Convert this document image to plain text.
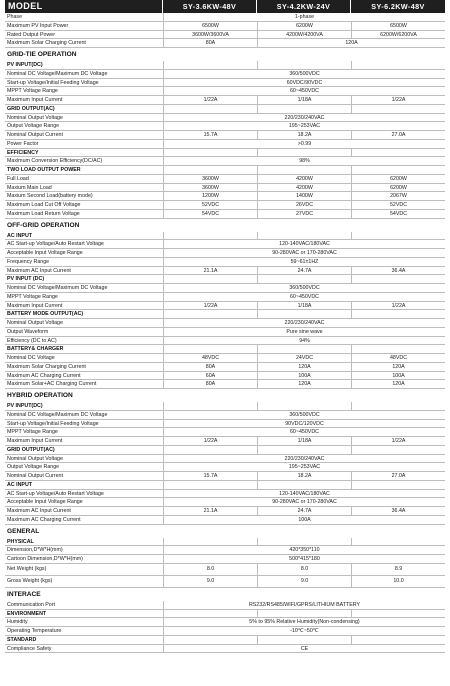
MODEL	SY-3.6KW-48V	SY-4.2KW-24V	SY-6.2KW-48V
Phase	1-phase
Maximum PV Input Power	6500W	6200W	6500W
Rated Output Power	3600W/3600VA	4200W/4200VA	6200W/6200VA
Maximum Solar Charging Current	80A	120A
GRID-TIE OPERATION
PV INPUT(DC)
Nominal DC Voltage/Maximum DC Voltage	360/500VDC
Start-up Voltage/Initial Feeding Voltage	60VDC/90VDC
MPPT Voltage Range	60~450VDC
Maximum Input Current	1/22A	1/18A	1/22A
GRID OUTPUT(AC)
Nominal Output Voltage	220/230/240VAC
Output Voltage Range	195~253VAC
Nominal Output Current	15.7A	18.2A	27.0A
Power Factor	>0.99
EFFICIENCY
Maximum Conversion Efficiency(DC/AC)	98%
TWO LOAD OUTPUT POWER
Full Load	3600W	4200W	6200W
Maxium Main Load	3600W	4200W	6200W
Maxium Second Load(battery mode)	1200W	1400W	2067W
Maximum Load Cut Off Voltage	52VDC	26VDC	52VDC
Maximum Load Return Voltage	54VDC	27VDC	54VDC
OFF-GRID OPERATION
AC INPUT
AC Start-up Voltage/Auto Restart Voltage	120-140VAC/180VAC
Acceptable Input Voltage Range	90-280VAC or 170-280VAC
Frequency Range	59~61±1HZ
Maximum AC Input Current	21.1A	24.7A	36.4A
PV INPUT (DC)
Nominal DC Voltage/Maximum DC Voltage	360/500VDC
MPPT Voltage Range	60~450VDC
Maximum Input Current	1/22A	1/18A	1/22A
BATTERY MODE OUTPUT(AC)
Nominal Output Voltage	220/230/240VAC
Output Waveform	Pure sine wave
Efficiency (DC to AC)	94%
BATTERY& CHARGER
Nominal DC Voltage	48VDC	24VDC	48VDC
Maximum Solar Charging Current	80A	120A	120A
Maximum AC Charging Current	60A	100A	100A
Maximum Solar+AC Charging Current	80A	120A	120A
HYBRID OPERATION
PV INPUT(DC)
Nominal DC Voltage/Maximum DC Voltage	360/500VDC
Start-up Voltage/Initial Feeding Voltage	90VDC/120VDC
MPPT Voltage Range	60~450VDC
Maximum Input Current	1/22A	1/18A	1/22A
GRID OUTPUT(AC)
Nominal Output Voltage	220/230/240VAC
Output Voltage Range	195~253VAC
Nominal Output Current	15.7A	18.2A	27.0A
AC INPUT
AC Start-up Voltage/Auto Restart Voltage	120-140VAC/180VAC
Acceptable Input Voltage Range	90-280VAC or 170-280VAC
Maximum AC Input Current	21.1A	24.7A	36.4A
Maximum AC Charging Current	100A
GENERAL
PHYSICAL
Dimension,D*W*H(mm)	420*350*110
Cartoon Dimension,D*W*H(mm)	500*415*180
Net Weight (kgs)	8.0	8.0	8.9
Gross Weight (kgs)	9.0	9.0	10.0
INTERACE
Communication Port	RS232/RS485/WIFI/GPRS/LITHIUM BATTERY
ENVIRONMENT
Humidity	5% to 95% Relative Humidity(Non-condensing)
Operating Temperature	-10℃~50℃
STANDARD
Compliance Safety	CE
